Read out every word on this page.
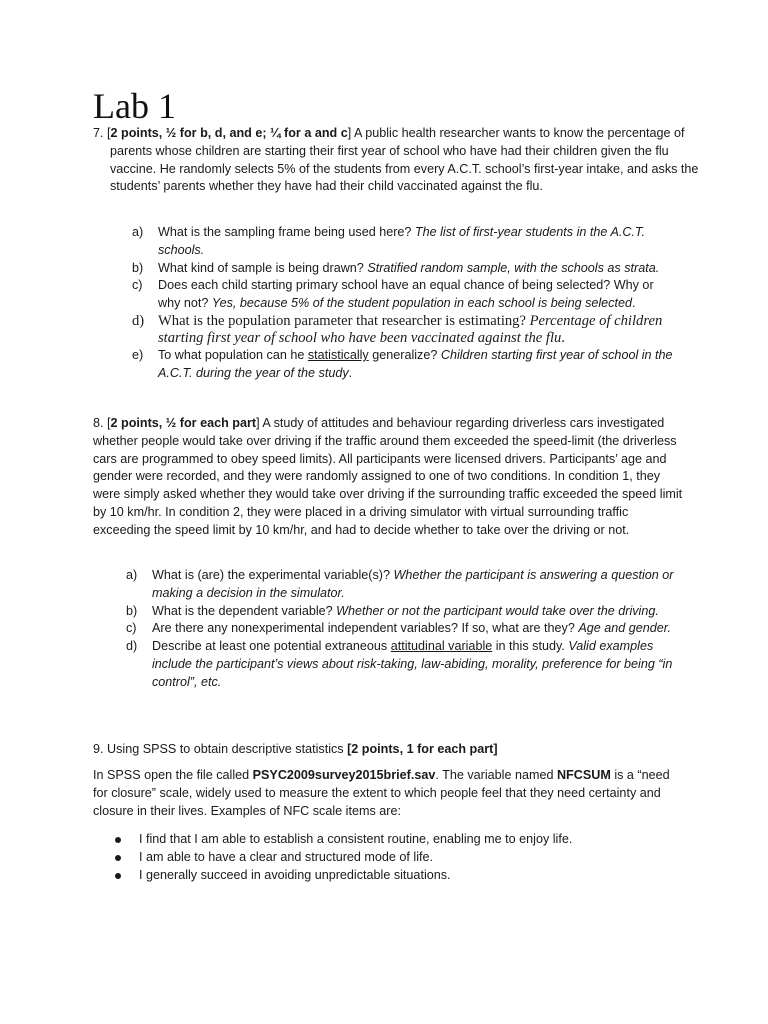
Lab 1

7. [2 points, ½ for b, d, and e; ¼ for a and c] A public health researcher wants to know the percentage of parents whose children are starting their first year of school who have had their children given the flu vaccine. He randomly selects 5% of the students from every A.C.T. school’s first-year intake, and asks the students’ parents whether they have had their child vaccinated against the flu.

a) What is the sampling frame being used here? The list of first-year students in the A.C.T. schools.
b) What kind of sample is being drawn? Stratified random sample, with the schools as strata.
c) Does each child starting primary school have an equal chance of being selected? Why or why not? Yes, because 5% of the student population in each school is being selected.
d) What is the population parameter that researcher is estimating? Percentage of children starting first year of school who have been vaccinated against the flu.
e) To what population can he statistically generalize? Children starting first year of school in the A.C.T. during the year of the study.

8. [2 points, ½ for each part] A study of attitudes and behaviour regarding driverless cars investigated whether people would take over driving if the traffic around them exceeded the speed-limit (the driverless cars are programmed to obey speed limits). All participants were licensed drivers. Participants’ age and gender were recorded, and they were randomly assigned to one of two conditions. In condition 1, they were simply asked whether they would take over driving if the surrounding traffic exceeded the speed limit by 10 km/hr. In condition 2, they were placed in a driving simulator with virtual surrounding traffic exceeding the speed limit by 10 km/hr, and had to decide whether to take over the driving or not.

a) What is (are) the experimental variable(s)? Whether the participant is answering a question or making a decision in the simulator.
b) What is the dependent variable? Whether or not the participant would take over the driving.
c) Are there any nonexperimental independent variables? If so, what are they? Age and gender.
d) Describe at least one potential extraneous attitudinal variable in this study. Valid examples include the participant’s views about risk-taking, law-abiding, morality, preference for being “in control”, etc.

9. Using SPSS to obtain descriptive statistics [2 points, 1 for each part]

In SPSS open the file called PSYC2009survey2015brief.sav. The variable named NFCSUM is a “need for closure” scale, widely used to measure the extent to which people feel that they need certainty and closure in their lives. Examples of NFC scale items are:

I find that I am able to establish a consistent routine, enabling me to enjoy life.
I am able to have a clear and structured mode of life.
I generally succeed in avoiding unpredictable situations.
